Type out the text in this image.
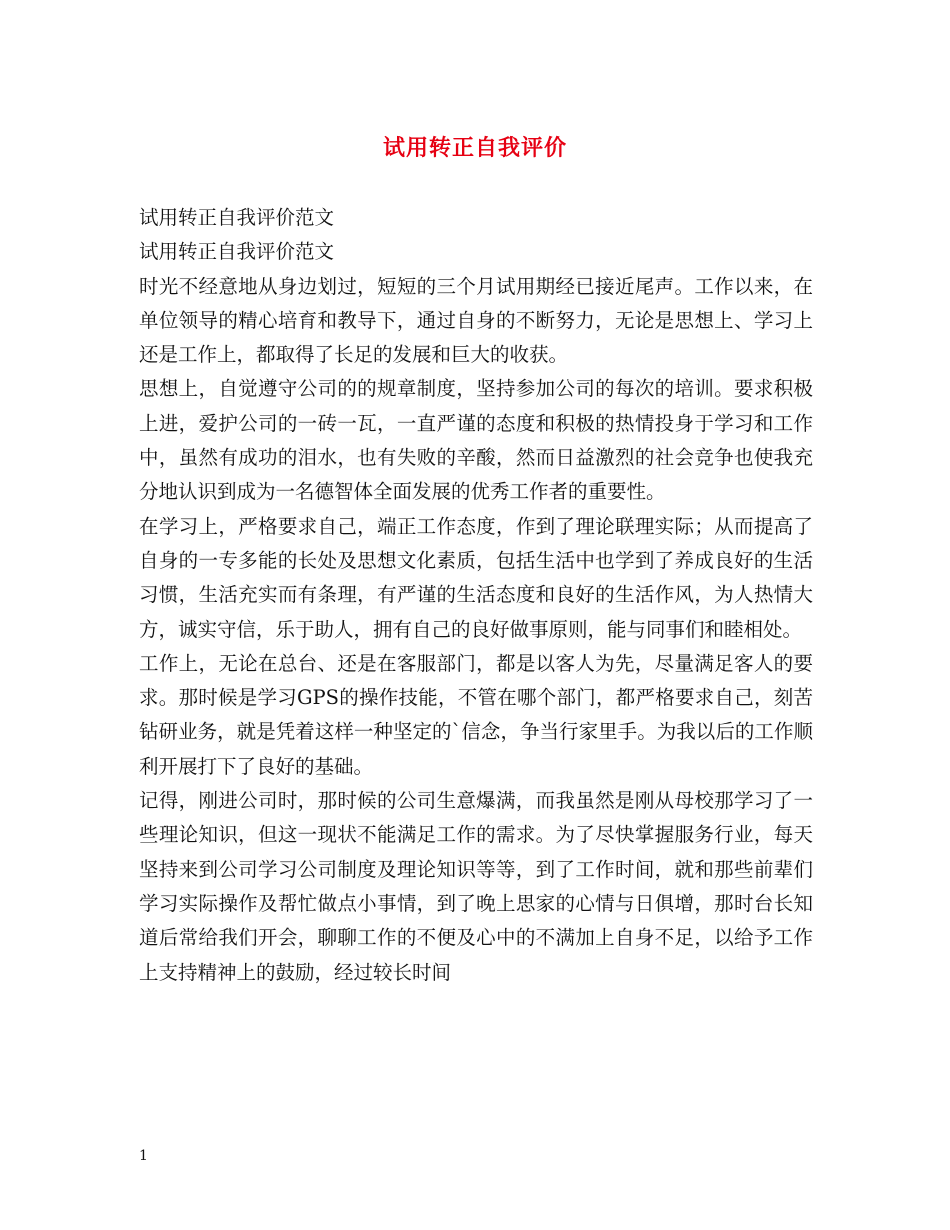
试用转正自我评价

试用转正自我评价范文

试用转正自我评价范文

时光不经意地从身边划过，短短的三个月试用期经已接近尾声。工作以来，在单位领导的精心培育和教导下，通过自身的不断努力，无论是思想上、学习上还是工作上，都取得了长足的发展和巨大的收获。

思想上，自觉遵守公司的的规章制度，坚持参加公司的每次的培训。要求积极上进，爱护公司的一砖一瓦，一直严谨的态度和积极的热情投身于学习和工作中，虽然有成功的泪水，也有失败的辛酸，然而日益激烈的社会竞争也使我充分地认识到成为一名德智体全面发展的优秀工作者的重要性。

在学习上，严格要求自己，端正工作态度，作到了理论联理实际；从而提高了自身的一专多能的长处及思想文化素质，包括生活中也学到了养成良好的生活习惯，生活充实而有条理，有严谨的生活态度和良好的生活作风，为人热情大方，诚实守信，乐于助人，拥有自己的良好做事原则，能与同事们和睦相处。

工作上，无论在总台、还是在客服部门，都是以客人为先，尽量满足客人的要求。那时候是学习GPS的操作技能，不管在哪个部门，都严格要求自己，刻苦钻研业务，就是凭着这样一种坚定的`信念，争当行家里手。为我以后的工作顺利开展打下了良好的基础。

记得，刚进公司时，那时候的公司生意爆满，而我虽然是刚从母校那学习了一些理论知识，但这一现状不能满足工作的需求。为了尽快掌握服务行业，每天坚持来到公司学习公司制度及理论知识等等，到了工作时间，就和那些前辈们学习实际操作及帮忙做点小事情，到了晚上思家的心情与日俱增，那时台长知道后常给我们开会，聊聊工作的不便及心中的不满加上自身不足，以给予工作上支持精神上的鼓励，经过较长时间

1
